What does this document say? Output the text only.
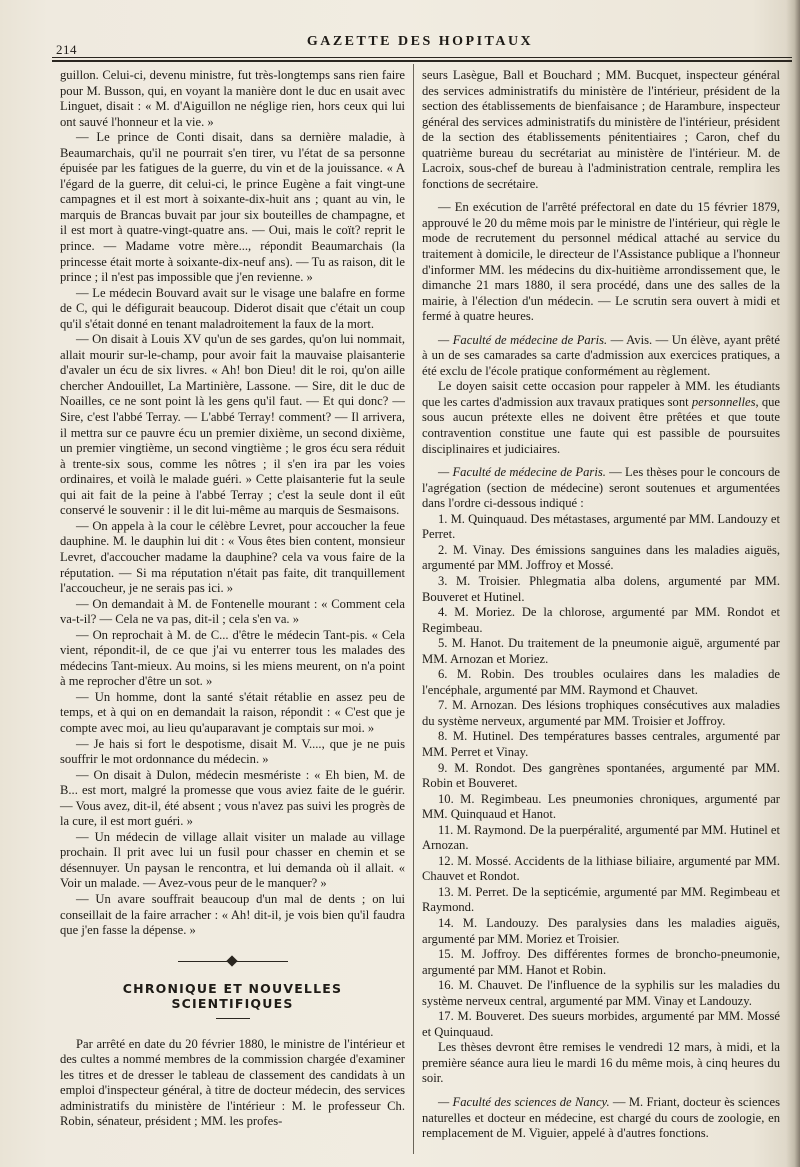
214
GAZETTE DES HOPITAUX

guillon. Celui-ci, devenu ministre, fut très-longtemps sans rien faire pour M. Busson, qui, en voyant la manière dont le duc en usait avec Linguet, disait : « M. d'Aiguillon ne néglige rien, hors ceux qui lui ont sauvé l'honneur et la vie. »

— Le prince de Conti disait, dans sa dernière maladie, à Beaumarchais, qu'il ne pourrait s'en tirer, vu l'état de sa personne épuisée par les fatigues de la guerre, du vin et de la jouissance. « A l'égard de la guerre, dit celui-ci, le prince Eugène a fait vingt-une campagnes et il est mort à soixante-dix-huit ans ; quant au vin, le marquis de Brancas buvait par jour six bouteilles de champagne, et il est mort à quatre-vingt-quatre ans. — Oui, mais le coït? reprit le prince. — Madame votre mère..., répondit Beaumarchais (la princesse était morte à soixante-dix-neuf ans). — Tu as raison, dit le prince ; il n'est pas impossible que j'en revienne. »

— Le médecin Bouvard avait sur le visage une balafre en forme de C, qui le défigurait beaucoup. Diderot disait que c'était un coup qu'il s'était donné en tenant maladroitement la faux de la mort.

— On disait à Louis XV qu'un de ses gardes, qu'on lui nommait, allait mourir sur-le-champ, pour avoir fait la mauvaise plaisanterie d'avaler un écu de six livres. « Ah! bon Dieu! dit le roi, qu'on aille chercher Andouillet, La Martinière, Lassone. — Sire, dit le duc de Noailles, ce ne sont point là les gens qu'il faut. — Et qui donc? — Sire, c'est l'abbé Terray. — L'abbé Terray! comment? — Il arrivera, il mettra sur ce pauvre écu un premier dixième, un second dixième, un premier vingtième, un second vingtième ; le gros écu sera réduit à trente-six sous, comme les nôtres ; il s'en ira par les voies ordinaires, et voilà le malade guéri. » Cette plaisanterie fut la seule qui ait fait de la peine à l'abbé Terray ; c'est la seule dont il eût conservé le souvenir : il le dit lui-même au marquis de Sesmaisons.

— On appela à la cour le célèbre Levret, pour accoucher la feue dauphine. M. le dauphin lui dit : « Vous êtes bien content, monsieur Levret, d'accoucher madame la dauphine? cela va vous faire de la réputation. — Si ma réputation n'était pas faite, dit tranquillement l'accoucheur, je ne serais pas ici. »

— On demandait à M. de Fontenelle mourant : « Comment cela va-t-il? — Cela ne va pas, dit-il ; cela s'en va. »

— On reprochait à M. de C... d'être le médecin Tant-pis. « Cela vient, répondit-il, de ce que j'ai vu enterrer tous les malades des médecins Tant-mieux. Au moins, si les miens meurent, on n'a point à me reprocher d'être un sot. »

— Un homme, dont la santé s'était rétablie en assez peu de temps, et à qui on en demandait la raison, répondit : « C'est que je compte avec moi, au lieu qu'auparavant je comptais sur moi. »

— Je hais si fort le despotisme, disait M. V...., que je ne puis souffrir le mot ordonnance du médecin. »

— On disait à Dulon, médecin mesmériste : « Eh bien, M. de B... est mort, malgré la promesse que vous aviez faite de le guérir. — Vous avez, dit-il, été absent ; vous n'avez pas suivi les progrès de la cure, il est mort guéri. »

— Un médecin de village allait visiter un malade au village prochain. Il prit avec lui un fusil pour chasser en chemin et se désennuyer. Un paysan le rencontra, et lui demanda où il allait. « Voir un malade. — Avez-vous peur de le manquer? »

— Un avare souffrait beaucoup d'un mal de dents ; on lui conseillait de la faire arracher : « Ah! dit-il, je vois bien qu'il faudra que j'en fasse la dépense. »

CHRONIQUE ET NOUVELLES SCIENTIFIQUES

Par arrêté en date du 20 février 1880, le ministre de l'intérieur et des cultes a nommé membres de la commission chargée d'examiner les titres et de dresser le tableau de classement des candidats à un emploi d'inspecteur général, à titre de docteur médecin, des services administratifs du ministère de l'intérieur : M. le professeur Ch. Robin, sénateur, président ; MM. les profes-

seurs Lasègue, Ball et Bouchard ; MM. Bucquet, inspecteur général des services administratifs du ministère de l'intérieur, président de la section des établissements de bienfaisance ; de Harambure, inspecteur général des services administratifs du ministère de l'intérieur, président de la section des établissements pénitentiaires ; Caron, chef du quatrième bureau du secrétariat au ministère de l'intérieur. M. de Lacroix, sous-chef de bureau à l'administration centrale, remplira les fonctions de secrétaire.

— En exécution de l'arrêté préfectoral en date du 15 février 1879, approuvé le 20 du même mois par le ministre de l'intérieur, qui règle le mode de recrutement du personnel médical attaché au service du traitement à domicile, le directeur de l'Assistance publique a l'honneur d'informer MM. les médecins du dix-huitième arrondissement que, le dimanche 21 mars 1880, il sera procédé, dans une des salles de la mairie, à l'élection d'un médecin. — Le scrutin sera ouvert à midi et fermé à quatre heures.

— Faculté de médecine de Paris. — Avis. — Un élève, ayant prêté à un de ses camarades sa carte d'admission aux exercices pratiques, a été exclu de l'école pratique conformément au règlement.

Le doyen saisit cette occasion pour rappeler à MM. les étudiants que les cartes d'admission aux travaux pratiques sont personnelles, que sous aucun prétexte elles ne doivent être prêtées et que toute contravention constitue une faute qui est passible de poursuites disciplinaires et judiciaires.

— Faculté de médecine de Paris. — Les thèses pour le concours de l'agrégation (section de médecine) seront soutenues et argumentées dans l'ordre ci-dessous indiqué :

1. M. Quinquaud. Des métastases, argumenté par MM. Landouzy et Perret.
2. M. Vinay. Des émissions sanguines dans les maladies aiguës, argumenté par MM. Joffroy et Mossé.
3. M. Troisier. Phlegmatia alba dolens, argumenté par MM. Bouveret et Hutinel.
4. M. Moriez. De la chlorose, argumenté par MM. Rondot et Regimbeau.
5. M. Hanot. Du traitement de la pneumonie aiguë, argumenté par MM. Arnozan et Moriez.
6. M. Robin. Des troubles oculaires dans les maladies de l'encéphale, argumenté par MM. Raymond et Chauvet.
7. M. Arnozan. Des lésions trophiques consécutives aux maladies du système nerveux, argumenté par MM. Troisier et Joffroy.
8. M. Hutinel. Des températures basses centrales, argumenté par MM. Perret et Vinay.
9. M. Rondot. Des gangrènes spontanées, argumenté par MM. Robin et Bouveret.
10. M. Regimbeau. Les pneumonies chroniques, argumenté par MM. Quinquaud et Hanot.
11. M. Raymond. De la puerpéralité, argumenté par MM. Hutinel et Arnozan.
12. M. Mossé. Accidents de la lithiase biliaire, argumenté par MM. Chauvet et Rondot.
13. M. Perret. De la septicémie, argumenté par MM. Regimbeau et Raymond.
14. M. Landouzy. Des paralysies dans les maladies aiguës, argumenté par MM. Moriez et Troisier.
15. M. Joffroy. Des différentes formes de broncho-pneumonie, argumenté par MM. Hanot et Robin.
16. M. Chauvet. De l'influence de la syphilis sur les maladies du système nerveux central, argumenté par MM. Vinay et Landouzy.
17. M. Bouveret. Des sueurs morbides, argumenté par MM. Mossé et Quinquaud.

Les thèses devront être remises le vendredi 12 mars, à midi, et la première séance aura lieu le mardi 16 du même mois, à cinq heures du soir.

— Faculté des sciences de Nancy. — M. Friant, docteur ès sciences naturelles et docteur en médecine, est chargé du cours de zoologie, en remplacement de M. Viguier, appelé à d'autres fonctions.
